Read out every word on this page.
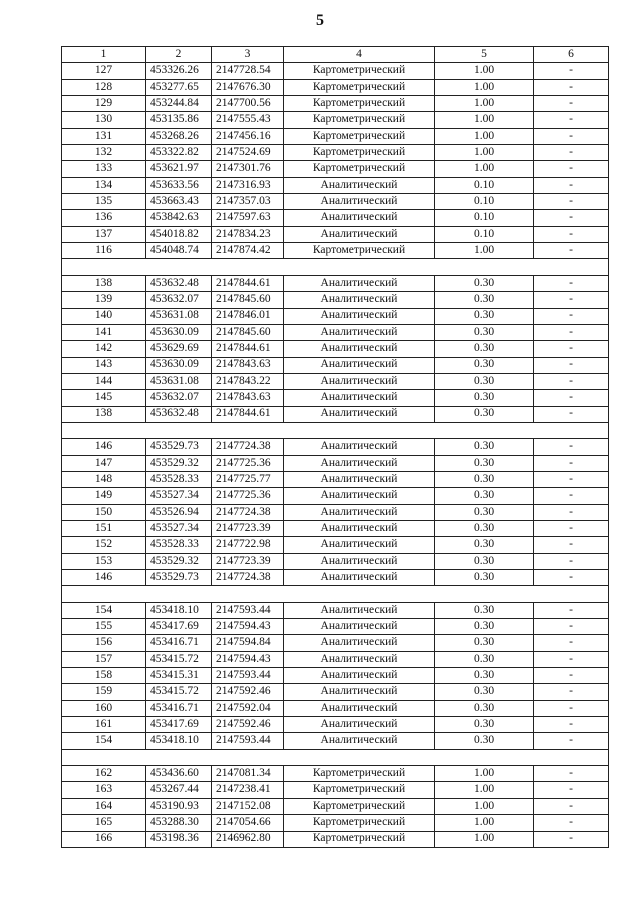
5
1	2	3	4	5	6
127	453326.26	2147728.54	Картометрический	1.00	-
128	453277.65	2147676.30	Картометрический	1.00	-
129	453244.84	2147700.56	Картометрический	1.00	-
130	453135.86	2147555.43	Картометрический	1.00	-
131	453268.26	2147456.16	Картометрический	1.00	-
132	453322.82	2147524.69	Картометрический	1.00	-
133	453621.97	2147301.76	Картометрический	1.00	-
134	453633.56	2147316.93	Аналитический	0.10	-
135	453663.43	2147357.03	Аналитический	0.10	-
136	453842.63	2147597.63	Аналитический	0.10	-
137	454018.82	2147834.23	Аналитический	0.10	-
116	454048.74	2147874.42	Картометрический	1.00	-

138	453632.48	2147844.61	Аналитический	0.30	-
139	453632.07	2147845.60	Аналитический	0.30	-
140	453631.08	2147846.01	Аналитический	0.30	-
141	453630.09	2147845.60	Аналитический	0.30	-
142	453629.69	2147844.61	Аналитический	0.30	-
143	453630.09	2147843.63	Аналитический	0.30	-
144	453631.08	2147843.22	Аналитический	0.30	-
145	453632.07	2147843.63	Аналитический	0.30	-
138	453632.48	2147844.61	Аналитический	0.30	-

146	453529.73	2147724.38	Аналитический	0.30	-
147	453529.32	2147725.36	Аналитический	0.30	-
148	453528.33	2147725.77	Аналитический	0.30	-
149	453527.34	2147725.36	Аналитический	0.30	-
150	453526.94	2147724.38	Аналитический	0.30	-
151	453527.34	2147723.39	Аналитический	0.30	-
152	453528.33	2147722.98	Аналитический	0.30	-
153	453529.32	2147723.39	Аналитический	0.30	-
146	453529.73	2147724.38	Аналитический	0.30	-

154	453418.10	2147593.44	Аналитический	0.30	-
155	453417.69	2147594.43	Аналитический	0.30	-
156	453416.71	2147594.84	Аналитический	0.30	-
157	453415.72	2147594.43	Аналитический	0.30	-
158	453415.31	2147593.44	Аналитический	0.30	-
159	453415.72	2147592.46	Аналитический	0.30	-
160	453416.71	2147592.04	Аналитический	0.30	-
161	453417.69	2147592.46	Аналитический	0.30	-
154	453418.10	2147593.44	Аналитический	0.30	-

162	453436.60	2147081.34	Картометрический	1.00	-
163	453267.44	2147238.41	Картометрический	1.00	-
164	453190.93	2147152.08	Картометрический	1.00	-
165	453288.30	2147054.66	Картометрический	1.00	-
166	453198.36	2146962.80	Картометрический	1.00	-
